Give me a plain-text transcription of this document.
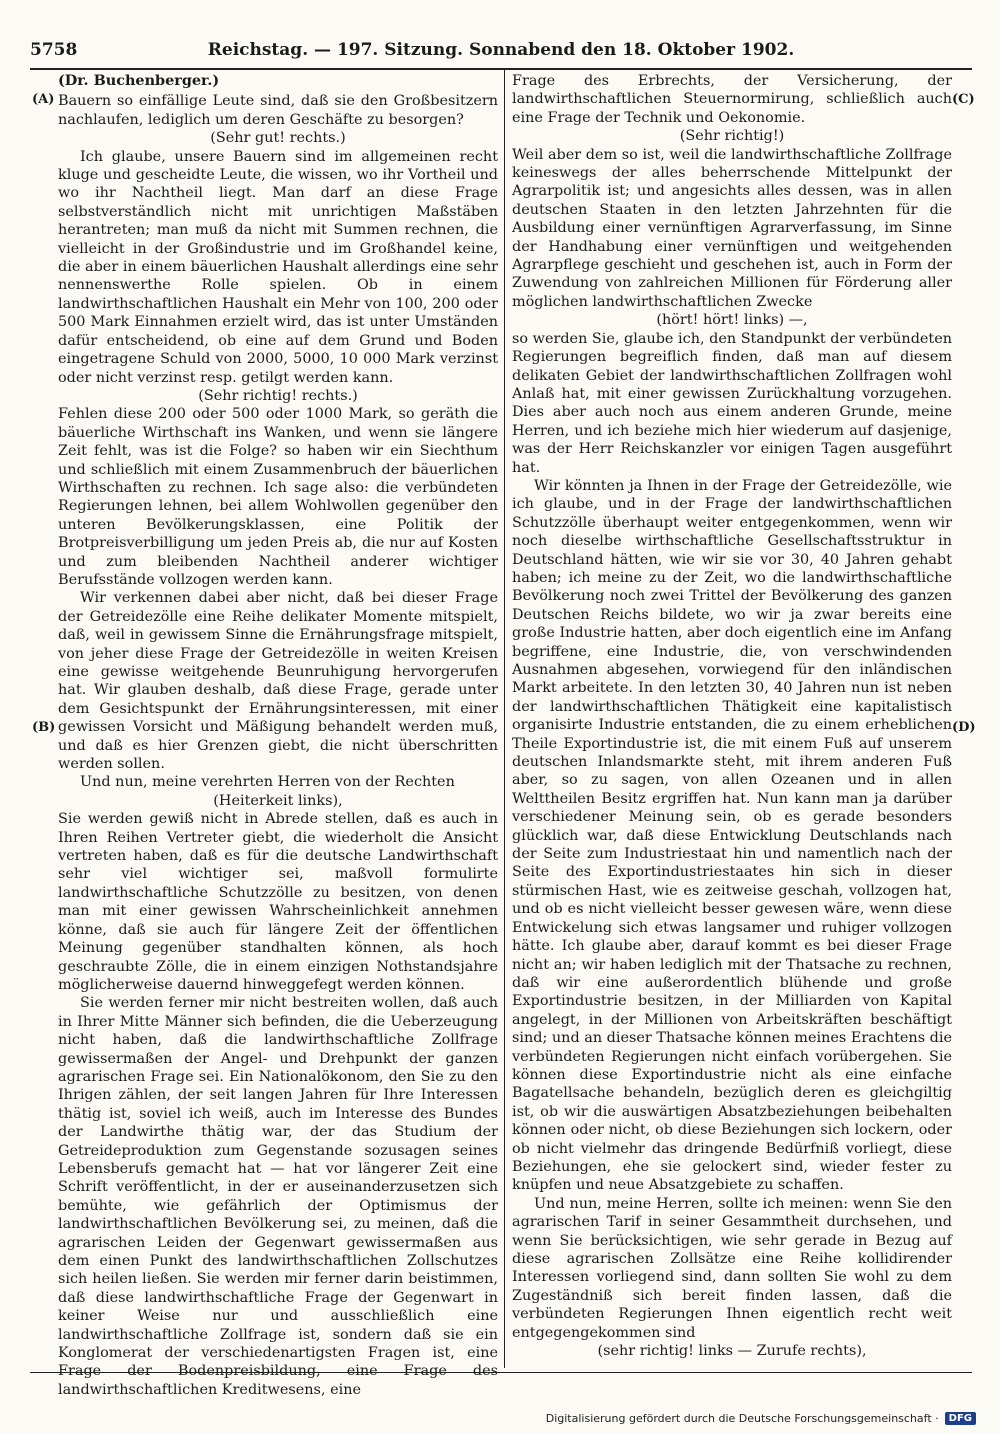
5758	Reichstag. — 197. Sitzung. Sonnabend den 18. Oktober 1902.
(A)
(B)
(C)
(D)

(Dr. Buchenberger.)

Bauern so einfällige Leute sind, daß sie den Großbesitzern nachlaufen, lediglich um deren Geschäfte zu besorgen?

(Sehr gut! rechts.)

Ich glaube, unsere Bauern sind im allgemeinen recht kluge und gescheidte Leute, die wissen, wo ihr Vortheil und wo ihr Nachtheil liegt. Man darf an diese Frage selbstverständlich nicht mit unrichtigen Maßstäben herantreten; man muß da nicht mit Summen rechnen, die vielleicht in der Großindustrie und im Großhandel keine, die aber in einem bäuerlichen Haushalt allerdings eine sehr nennenswerthe Rolle spielen. Ob in einem landwirthschaftlichen Haushalt ein Mehr von 100, 200 oder 500 Mark Einnahmen erzielt wird, das ist unter Umständen dafür entscheidend, ob eine auf dem Grund und Boden eingetragene Schuld von 2000, 5000, 10 000 Mark verzinst oder nicht verzinst resp. getilgt werden kann.

(Sehr richtig! rechts.)

Fehlen diese 200 oder 500 oder 1000 Mark, so geräth die bäuerliche Wirthschaft ins Wanken, und wenn sie längere Zeit fehlt, was ist die Folge? so haben wir ein Siechthum und schließlich mit einem Zusammenbruch der bäuerlichen Wirthschaften zu rechnen. Ich sage also: die verbündeten Regierungen lehnen, bei allem Wohlwollen gegenüber den unteren Bevölkerungsklassen, eine Politik der Brotpreisverbilligung um jeden Preis ab, die nur auf Kosten und zum bleibenden Nachtheil anderer wichtiger Berufsstände vollzogen werden kann.

Wir verkennen dabei aber nicht, daß bei dieser Frage der Getreidezölle eine Reihe delikater Momente mitspielt, daß, weil in gewissem Sinne die Ernährungsfrage mitspielt, von jeher diese Frage der Getreidezölle in weiten Kreisen eine gewisse weitgehende Beunruhigung hervorgerufen hat. Wir glauben deshalb, daß diese Frage, gerade unter dem Gesichtspunkt der Ernährungsinteressen, mit einer gewissen Vorsicht und Mäßigung behandelt werden muß, und daß es hier Grenzen giebt, die nicht überschritten werden sollen.

Und nun, meine verehrten Herren von der Rechten

(Heiterkeit links),

Sie werden gewiß nicht in Abrede stellen, daß es auch in Ihren Reihen Vertreter giebt, die wiederholt die Ansicht vertreten haben, daß es für die deutsche Landwirthschaft sehr viel wichtiger sei, maßvoll formulirte landwirthschaftliche Schutzzölle zu besitzen, von denen man mit einer gewissen Wahrscheinlichkeit annehmen könne, daß sie auch für längere Zeit der öffentlichen Meinung gegenüber standhalten können, als hoch geschraubte Zölle, die in einem einzigen Nothstandsjahre möglicherweise dauernd hinweggefegt werden können.

Sie werden ferner mir nicht bestreiten wollen, daß auch in Ihrer Mitte Männer sich befinden, die die Ueberzeugung nicht haben, daß die landwirthschaftliche Zollfrage gewissermaßen der Angel- und Drehpunkt der ganzen agrarischen Frage sei. Ein Nationalökonom, den Sie zu den Ihrigen zählen, der seit langen Jahren für Ihre Interessen thätig ist, soviel ich weiß, auch im Interesse des Bundes der Landwirthe thätig war, der das Studium der Getreideproduktion zum Gegenstande sozusagen seines Lebensberufs gemacht hat — hat vor längerer Zeit eine Schrift veröffentlicht, in der er auseinanderzusetzen sich bemühte, wie gefährlich der Optimismus der landwirthschaftlichen Bevölkerung sei, zu meinen, daß die agrarischen Leiden der Gegenwart gewissermaßen aus dem einen Punkt des landwirthschaftlichen Zollschutzes sich heilen ließen. Sie werden mir ferner darin beistimmen, daß diese landwirthschaftliche Frage der Gegenwart in keiner Weise nur und ausschließlich eine landwirthschaftliche Zollfrage ist, sondern daß sie ein Konglomerat der verschiedenartigsten Fragen ist, eine Frage der Bodenpreisbildung, eine Frage des landwirthschaftlichen Kreditwesens, eine

Frage des Erbrechts, der Versicherung, der landwirthschaftlichen Steuernormirung, schließlich auch eine Frage der Technik und Oekonomie.

(Sehr richtig!)

Weil aber dem so ist, weil die landwirthschaftliche Zollfrage keineswegs der alles beherrschende Mittelpunkt der Agrarpolitik ist; und angesichts alles dessen, was in allen deutschen Staaten in den letzten Jahrzehnten für die Ausbildung einer vernünftigen Agrarverfassung, im Sinne der Handhabung einer vernünftigen und weitgehenden Agrarpflege geschieht und geschehen ist, auch in Form der Zuwendung von zahlreichen Millionen für Förderung aller möglichen landwirthschaftlichen Zwecke

(hört! hört! links) —,

so werden Sie, glaube ich, den Standpunkt der verbündeten Regierungen begreiflich finden, daß man auf diesem delikaten Gebiet der landwirthschaftlichen Zollfragen wohl Anlaß hat, mit einer gewissen Zurückhaltung vorzugehen. Dies aber auch noch aus einem anderen Grunde, meine Herren, und ich beziehe mich hier wiederum auf dasjenige, was der Herr Reichskanzler vor einigen Tagen ausgeführt hat.

Wir könnten ja Ihnen in der Frage der Getreidezölle, wie ich glaube, und in der Frage der landwirthschaftlichen Schutzzölle überhaupt weiter entgegenkommen, wenn wir noch dieselbe wirthschaftliche Gesellschaftsstruktur in Deutschland hätten, wie wir sie vor 30, 40 Jahren gehabt haben; ich meine zu der Zeit, wo die landwirthschaftliche Bevölkerung noch zwei Trittel der Bevölkerung des ganzen Deutschen Reichs bildete, wo wir ja zwar bereits eine große Industrie hatten, aber doch eigentlich eine im Anfang begriffene, eine Industrie, die, von verschwindenden Ausnahmen abgesehen, vorwiegend für den inländischen Markt arbeitete. In den letzten 30, 40 Jahren nun ist neben der landwirthschaftlichen Thätigkeit eine kapitalistisch organisirte Industrie entstanden, die zu einem erheblichen Theile Exportindustrie ist, die mit einem Fuß auf unserem deutschen Inlandsmarkte steht, mit ihrem anderen Fuß aber, so zu sagen, von allen Ozeanen und in allen Welttheilen Besitz ergriffen hat. Nun kann man ja darüber verschiedener Meinung sein, ob es gerade besonders glücklich war, daß diese Entwicklung Deutschlands nach der Seite zum Industriestaat hin und namentlich nach der Seite des Exportindustriestaates hin sich in dieser stürmischen Hast, wie es zeitweise geschah, vollzogen hat, und ob es nicht vielleicht besser gewesen wäre, wenn diese Entwickelung sich etwas langsamer und ruhiger vollzogen hätte. Ich glaube aber, darauf kommt es bei dieser Frage nicht an; wir haben lediglich mit der Thatsache zu rechnen, daß wir eine außerordentlich blühende und große Exportindustrie besitzen, in der Milliarden von Kapital angelegt, in der Millionen von Arbeitskräften beschäftigt sind; und an dieser Thatsache können meines Erachtens die verbündeten Regierungen nicht einfach vorübergehen. Sie können diese Exportindustrie nicht als eine einfache Bagatellsache behandeln, bezüglich deren es gleichgiltig ist, ob wir die auswärtigen Absatzbeziehungen beibehalten können oder nicht, ob diese Beziehungen sich lockern, oder ob nicht vielmehr das dringende Bedürfniß vorliegt, diese Beziehungen, ehe sie gelockert sind, wieder fester zu knüpfen und neue Absatzgebiete zu schaffen.

Und nun, meine Herren, sollte ich meinen: wenn Sie den agrarischen Tarif in seiner Gesammtheit durchsehen, und wenn Sie berücksichtigen, wie sehr gerade in Bezug auf diese agrarischen Zollsätze eine Reihe kollidirender Interessen vorliegend sind, dann sollten Sie wohl zu dem Zugeständniß sich bereit finden lassen, daß die verbündeten Regierungen Ihnen eigentlich recht weit entgegengekommen sind

(sehr richtig! links — Zurufe rechts),

Digitalisierung gefördert durch die Deutsche Forschungsgemeinschaft ·	DFG
